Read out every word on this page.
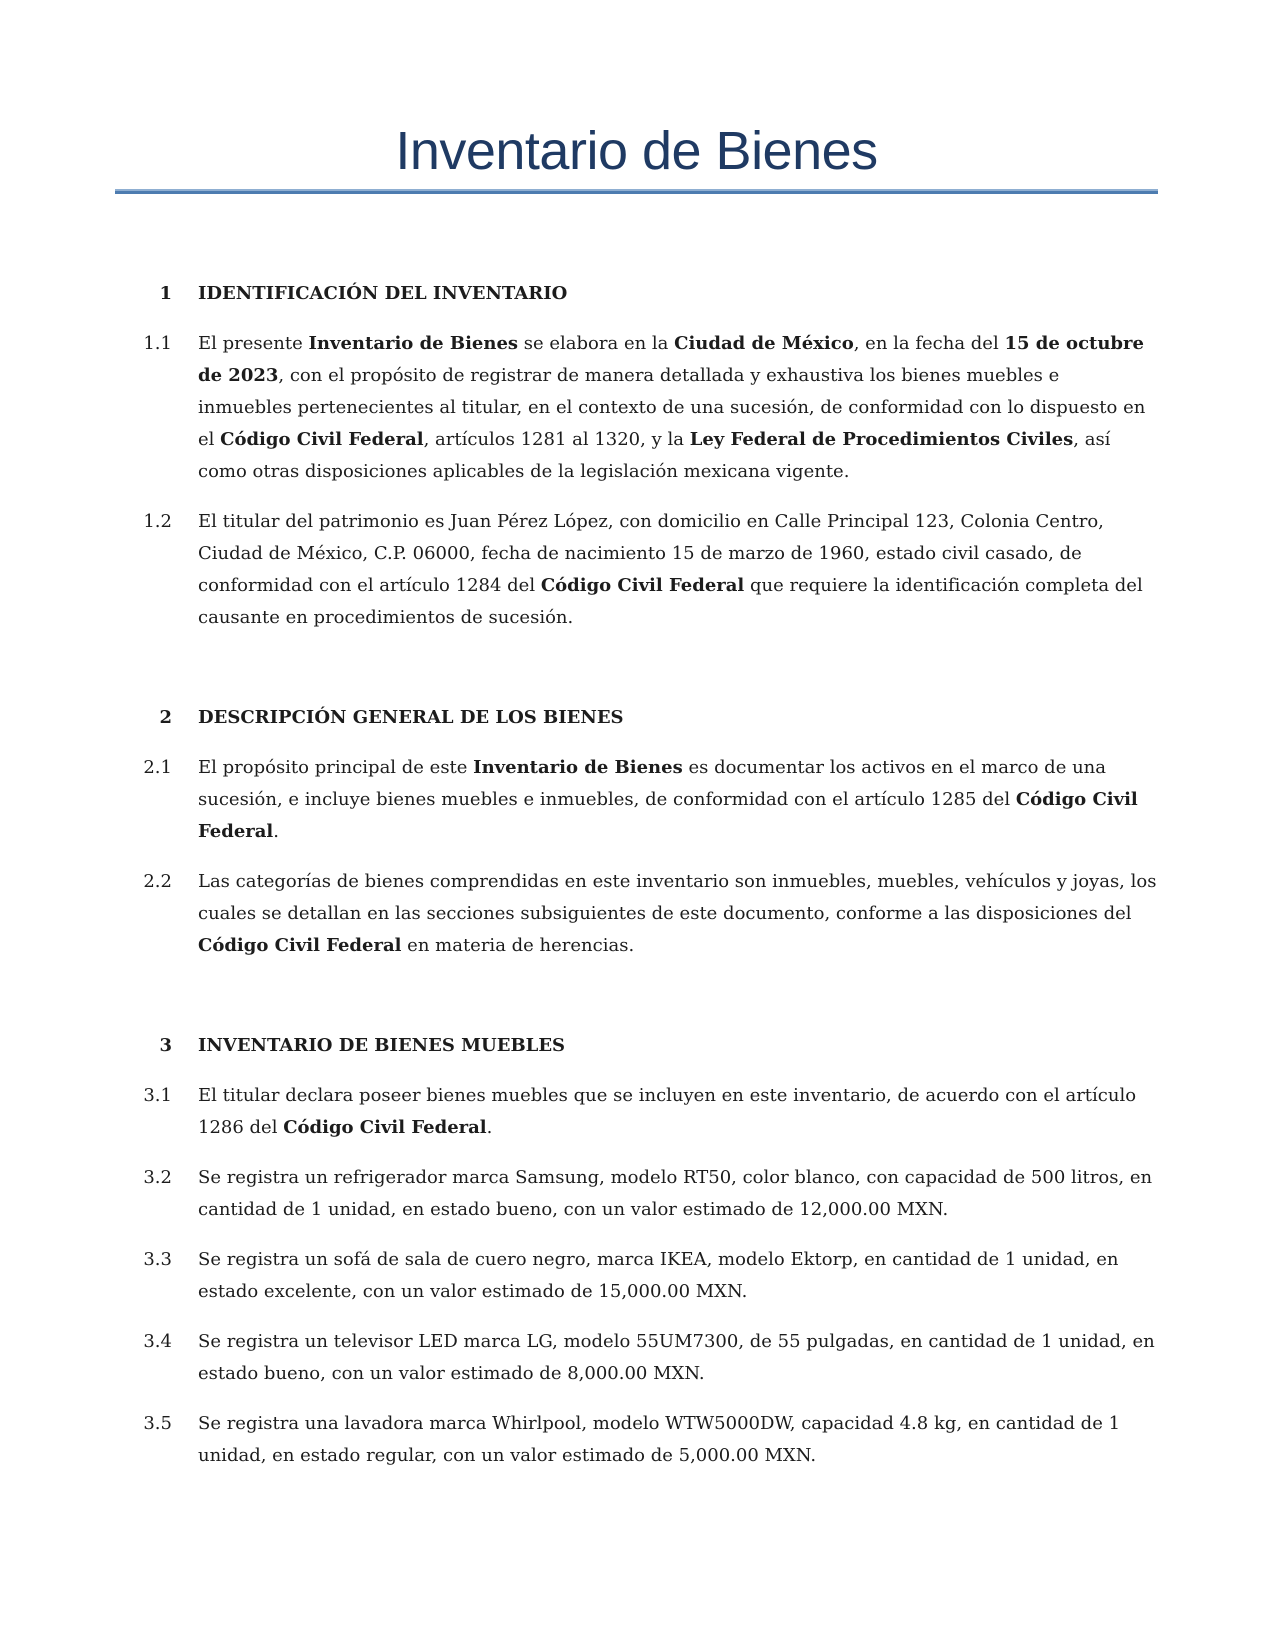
Inventario de Bienes
1 IDENTIFICACIÓN DEL INVENTARIO
1.1 El presente Inventario de Bienes se elabora en la Ciudad de México, en la fecha del 15 de octubre de 2023, con el propósito de registrar de manera detallada y exhaustiva los bienes muebles e inmuebles pertenecientes al titular, en el contexto de una sucesión, de conformidad con lo dispuesto en el Código Civil Federal, artículos 1281 al 1320, y la Ley Federal de Procedimientos Civiles, así como otras disposiciones aplicables de la legislación mexicana vigente.
1.2 El titular del patrimonio es Juan Pérez López, con domicilio en Calle Principal 123, Colonia Centro, Ciudad de México, C.P. 06000, fecha de nacimiento 15 de marzo de 1960, estado civil casado, de conformidad con el artículo 1284 del Código Civil Federal que requiere la identificación completa del causante en procedimientos de sucesión.
2 DESCRIPCIÓN GENERAL DE LOS BIENES
2.1 El propósito principal de este Inventario de Bienes es documentar los activos en el marco de una sucesión, e incluye bienes muebles e inmuebles, de conformidad con el artículo 1285 del Código Civil Federal.
2.2 Las categorías de bienes comprendidas en este inventario son inmuebles, muebles, vehículos y joyas, los cuales se detallan en las secciones subsiguientes de este documento, conforme a las disposiciones del Código Civil Federal en materia de herencias.
3 INVENTARIO DE BIENES MUEBLES
3.1 El titular declara poseer bienes muebles que se incluyen en este inventario, de acuerdo con el artículo 1286 del Código Civil Federal.
3.2 Se registra un refrigerador marca Samsung, modelo RT50, color blanco, con capacidad de 500 litros, en cantidad de 1 unidad, en estado bueno, con un valor estimado de 12,000.00 MXN.
3.3 Se registra un sofá de sala de cuero negro, marca IKEA, modelo Ektorp, en cantidad de 1 unidad, en estado excelente, con un valor estimado de 15,000.00 MXN.
3.4 Se registra un televisor LED marca LG, modelo 55UM7300, de 55 pulgadas, en cantidad de 1 unidad, en estado bueno, con un valor estimado de 8,000.00 MXN.
3.5 Se registra una lavadora marca Whirlpool, modelo WTW5000DW, capacidad 4.8 kg, en cantidad de 1 unidad, en estado regular, con un valor estimado de 5,000.00 MXN.
